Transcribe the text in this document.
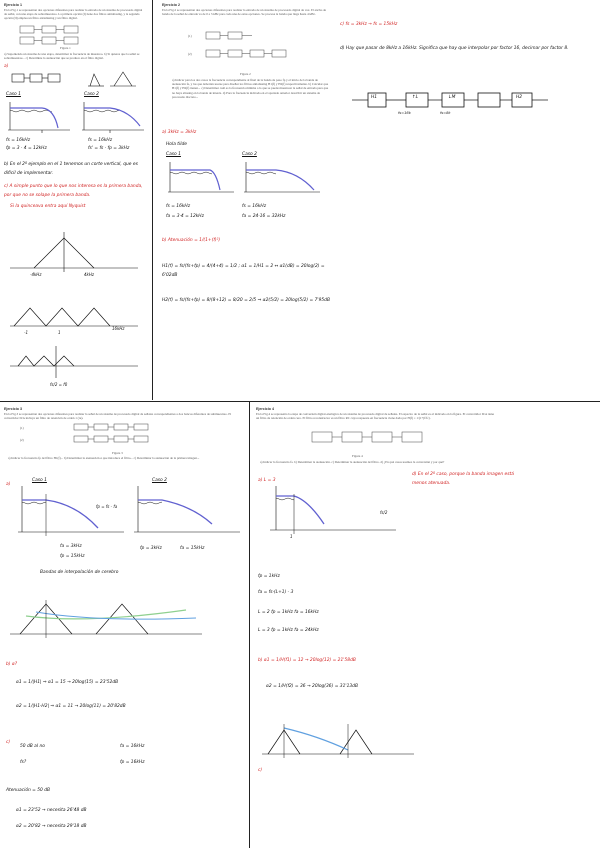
Ejercicio 1
En la Fig.1 se representan dos opciones diferentes para realizar la entrada de un sistema de procesado digital de señal, con una etapa de sobremuestreo. La primera opción (I) tiene dos filtros antialiasing, y la segunda opción (II) emplea un filtro antialiasing y un filtro digital.
Figura 1
a) Suponiendo un sistema de una etapa, determinar la frecuencia de muestreo. b) Si quieres que la señal se sobremuestree... c) Determine la atenuación que se produce en el filtro digital.
a)
Caso 1	Caso 2
fs = 16kHz	fs = 16kHz
fp = 3 · 4 = 12kHz	fs' = fs · fp = 3kHz
b) En el 2º ejemplo en el 1 tenemos un corte vertical, que es difícil de implementar.
c) A simple punto que lo que nos interesa es la primera banda, por que no se solape la primera banda.
Si la quinceava entra aquí Nyquist
-4kHz	4kHz
-1	1
16kHz
fs/2 = f0
Ejercicio 2
En la Fig.2 se representan dos opciones diferentes para realizar la entrada de un sistema de procesado digital de voz. El ancho de banda de la señal de entrada va de 0 a 3 kHz para cada una de estas opciones. Se procesa la banda que llega hasta 4 kHz.
(1)
(2)
Figura 2
a) Indicar para los dos casos la frecuencia correspondiente al final de la banda de paso fp y el inicio de la banda de atenuación fa, y las que deberían usarse para diseñar los filtros antialiasing H1(f) y H2(f) respectivamente. b) Calcular que H1(f) y H2(f) tienen... c) Determinar cuál es la frecuencia mínima a la que se puede muestrear la señal de entrada para que no haya aliasing en la banda de interés. d) Para la frecuencia indicada en el apartado anterior describir un sistema de procesado discreto...
a) 3kHz = 3kHz
Hola tilde
Caso 1	Caso 2
fs = 16kHz
fa = 3·4 = 12kHz
fs = 16kHz
fa = 24·16 = 32kHz
b) Atenuación = 1/(1+(f)²)
H1(f) = fs/(fs+fp) = 4/(4+4) = 1/2 ; α1 = 1/H1 = 2 ↔ α1(dB) = 20log(2) = 6'02dB
H2(f) = fs/(fs+fp) = 8/(8+12) = 8/20 = 2/5 ⇒ α2(5/2) = 20log(5/2) = 7'95dB
c) fs = 3kHz → fs = 15kHz
d) Hay que pasar de 8kHz a 16kHz. Significa que hay que interpolar por factor 16, decimar por factor 8.
H1	↑L	↓M	H2
fs=16k	fs=8k
Ejercicio 3
En la Fig.3 se representan dos opciones diferentes para realizar la señal de un sistema de procesado digital de señales correspondientes a dos bancos diferentes de submuestreo. El convertidor D/A incluye un filtro de retención de orden 1 (ru).
(1)
(2)
Figura 3
a) Indicar la frecuencia fp del filtro H1(f)... b) Determinar la atenuación α que introduce el filtro... c) Determinar la atenuación de la primera imagen...
a)
Caso 1	Caso 2
fp = fs - fa
fa = 3kHz
fp = 15kHz
fp = 3kHz	fa = 15kHz
Bandas de interpolación de cerebro
b) α?
α1 = 1/|H1| ⇒ α1 = 15 → 20log(15) = 23'52dB
α2 = 1/|H1·H2| ⇒ α1 = 11 → 20log(11) = 20'82dB
c)
50 dB al no
fs?
fa = 16kHz
fp = 16kHz
Atenuación = 50 dB
α1 = 23'52 → necesita 26'48 dB
α2 = 20'82 → necesita 29'18 dB
Ejercicio 4
En la Fig.4 se representa la etapa de conversión digital-analógica de un sistema de procesado digital de señales. El espectro de la señal es el indicado en la figura. El convertidor D/A tiene un filtro de retención de orden cero. El filtro reconstructor es un filtro RC cuya respuesta en frecuencia viene dada por H(f) = 1/(1+jf/fc).
Figura 4
a) Indicar la frecuencia fs. b) Determinar la atenuación. c) Determinar la atenuación del filtro. d) ¿En qué casos usamos la conversión y por qué?
a) L = 3
d) En el 2º caso, porque la banda imagen está menos atenuada.
1
fs/2
fp = 1kHz
fa = fs·(L+1) - 3
L = 2 fp = 1kHz fa = 16kHz
L = 3 fp = 1kHz fa = 24kHz
b) α1 = 1/H(f1) = 12 → 20log(12) = 21'58dB
α2 = 1/H(f2) = 36 → 20log(36) = 31'13dB
c)
